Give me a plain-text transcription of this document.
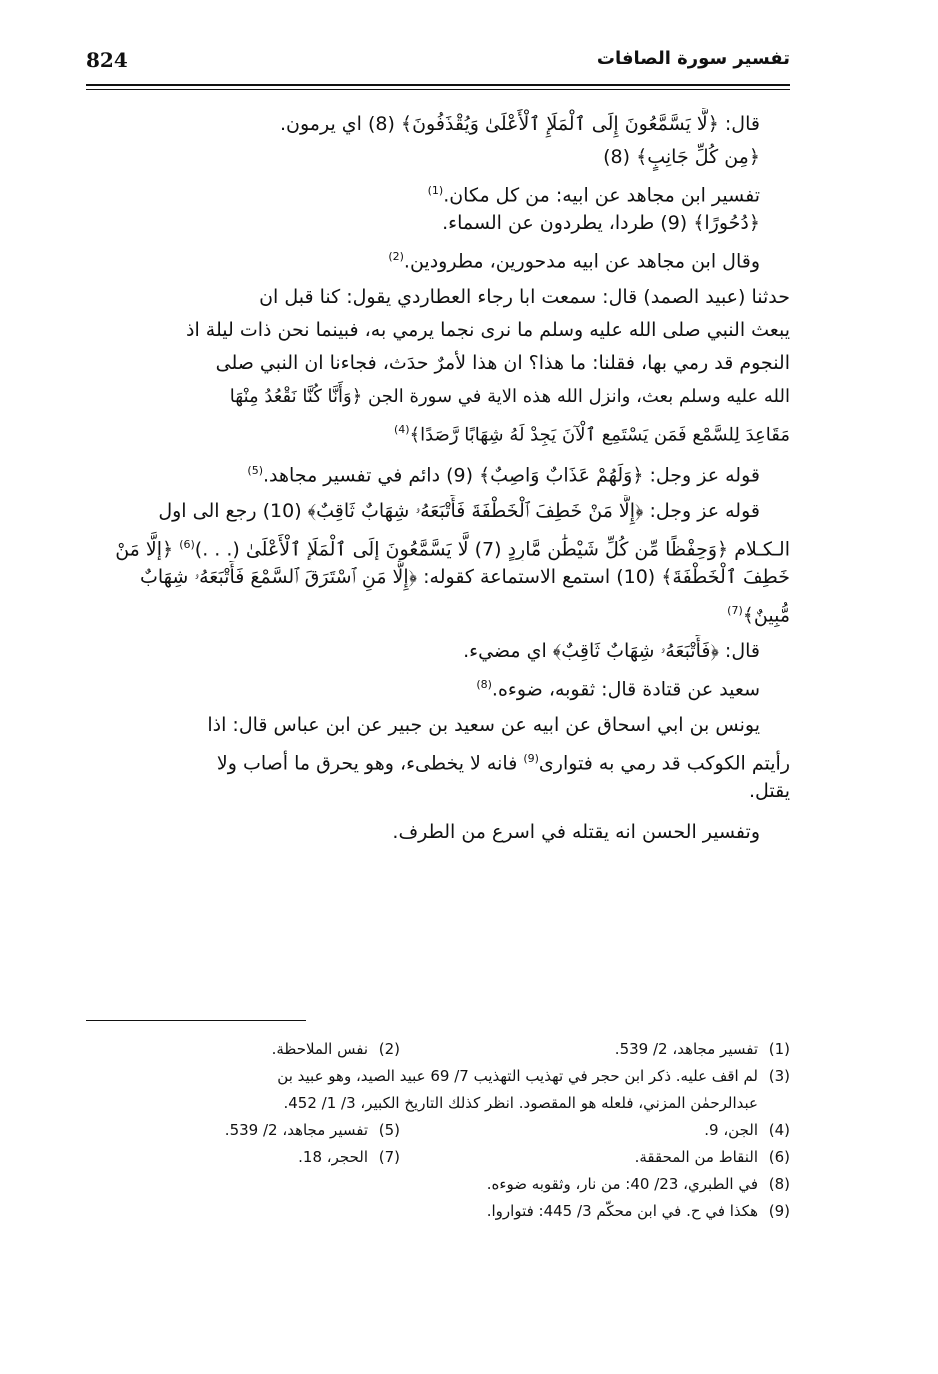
824	تفسير سورة الصافات
قال: ﴿لَّا يَسَّمَّعُونَ إِلَى ٱلْمَلَإِ ٱلْأَعْلَىٰ وَيُقْذَفُونَ﴾ (8) اي يرمون.
﴿مِن كُلِّ جَانِبٍ﴾ (8)
تفسير ابن مجاهد عن ابيه: من كل مكان.$^{(1)}$
﴿دُحُورًا﴾ (9) طردا، يطردون عن السماء.
وقال ابن مجاهد عن ابيه مدحورين، مطرودين.$^{(2)}$
حدثنا (عبيد الصمد) قال: سمعت ابا رجاء العطاردي يقول: كنا قبل ان
يبعث النبي صلى الله عليه وسلم ما نرى نجما يرمي به، فبينما نحن ذات ليلة اذ
النجوم قد رمي بها، فقلنا: ما هذا؟ ان هذا لأمرٌ حدَث، فجاءنا ان النبي صلى
الله عليه وسلم بعث، وانزل الله هذه الاية في سورة الجن ﴿وَأَنَّا كُنَّا نَقْعُدُ مِنْهَا
مَقَاعِدَ لِلسَّمْعِ فَمَن يَسْتَمِعِ ٱلْآنَ يَجِدْ لَهُ شِهَابًا رَّصَدًا﴾$^{(4)}$
قوله عز وجل: ﴿وَلَهُمْ عَذَابٌ وَاصِبٌ﴾ (9) دائم في تفسير مجاهد.$^{(5)}$
قوله عز وجل: ﴿إِلَّا مَنْ خَطِفَ ٱلْخَطْفَةَ فَأَتْبَعَهُۥ شِهَابٌ ثَاقِبٌ﴾ (10) رجع الى اول
الـكـلام ﴿وَحِفْظًا مِّن كُلِّ شَيْطَٰنٍ مَّارِدٍ (7) لَّا يَسَّمَّعُونَ إِلَى ٱلْمَلَإِ ٱلْأَعْلَىٰ (. . .)$^{(6)}$ ﴿إِلَّا مَنْ
خَطِفَ ٱلْخَطْفَةَ﴾ (10) استمع الاستماعة كقوله: ﴿إِلَّا مَنِ ٱسْتَرَقَ ٱلسَّمْعَ فَأَتْبَعَهُۥ شِهَابٌ
مُّبِينٌ﴾$^{(7)}$
قال: ﴿فَأَتْبَعَهُۥ شِهَابٌ ثَاقِبٌ﴾ اي مضيء.
سعيد عن قتادة قال: ثقوبه، ضوءه.$^{(8)}$
يونس بن ابي اسحاق عن ابيه عن سعيد بن جبير عن ابن عباس قال: اذا
رأيتم الكوكب قد رمي به فتوارى$^{(9)}$ فانه لا يخطىء، وهو يحرق ما أصاب ولا
يقتل.
وتفسير الحسن انه يقتله في اسرع من الطرف.
(1)تفسير مجاهد، 2/ 539.
(2)نفس الملاحظة.
(3)لم اقف عليه. ذكر ابن حجر في تهذيب التهذيب 7/ 69 عبيد الصيد، وهو عبيد بن
عبدالرحمٰن المزني، فلعله هو المقصود. انظر كذلك التاريخ الكبير، 3/ 1/ 452.
(4)الجن، 9.
(5)تفسير مجاهد، 2/ 539.
(6)النقاط من المحققة.
(7)الحجر، 18.
(8)في الطبري، 23/ 40: من نار، وثقوبه ضوءه.
(9)هكذا في ح. في ابن محكّم 3/ 445: فتواروا.
